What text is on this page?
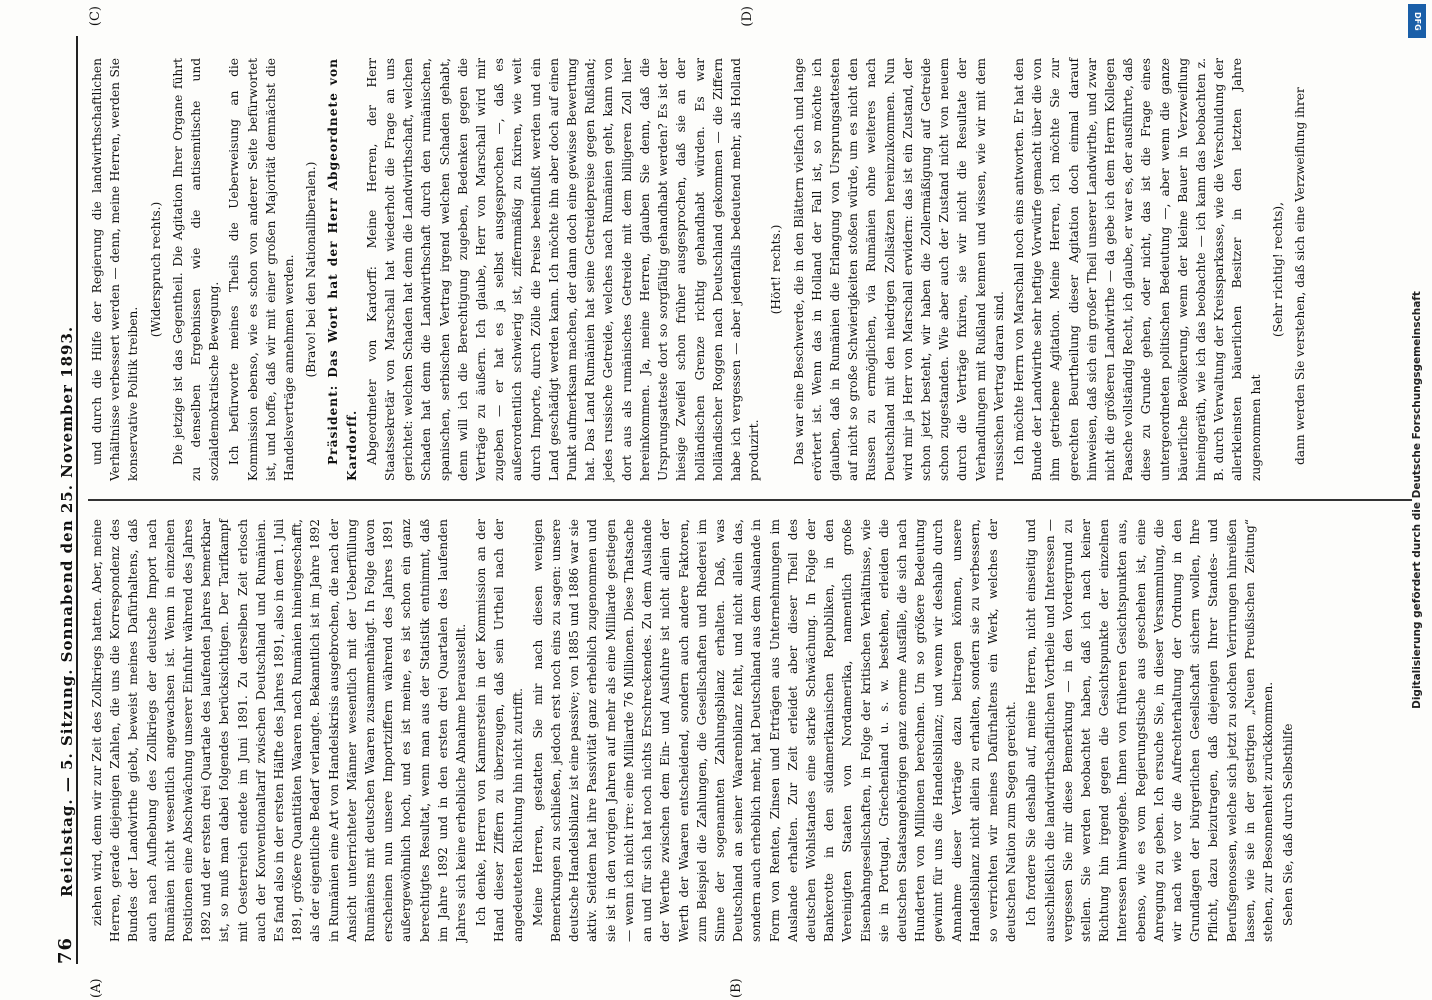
76
Reichstag. — 5. Sitzung. Sonnabend den 25. November 1893.
(A)	(B)

ziehen wird, denn wir zur Zeit des Zollkriegs hatten. Aber, meine Herren, gerade diejenigen Zahlen, die uns die Korrespondenz des Bundes der Landwirthe giebt, beweist meines Dafürhaltens, daß auch nach Aufhebung des Zollkriegs der deutsche Import nach Rumänien nicht wesentlich angewachsen ist. Wenn in einzelnen Positionen eine Abschwächung unserer Einfuhr während des Jahres 1892 und der ersten drei Quartale des laufenden Jahres bemerkbar ist, so muß man dabei folgendes berücksichtigen. Der Tarifkampf mit Oesterreich endete im Juni 1891. Zu derselben Zeit erlosch auch der Konventionaltarif zwischen Deutschland und Rumänien. Es fand also in der ersten Hälfte des Jahres 1891, also in dem 1. Juli 1891, größere Quantitäten Waaren nach Rumänien hineingeschafft, als der eigentliche Bedarf verlangte. Bekanntlich ist im Jahre 1892 in Rumänien eine Art von Handelskrisis ausgebrochen, die nach der Ansicht unterrichteter Männer wesentlich mit der Ueberfüllung Rumäniens mit deutschen Waaren zusammenhängt. In Folge davon erscheinen nun unsere Importziffern während des Jahres 1891 außergewöhnlich hoch, und es ist meine, es ist schon ein ganz berechtigtes Resultat, wenn man aus der Statistik entnimmt, daß im Jahre 1892 und in den ersten drei Quartalen des laufenden Jahres sich keine erhebliche Abnahme herausstellt. Ich denke, Herren von Kanmerstein in der Kommission an der Hand dieser Ziffern zu überzeugen, daß sein Urtheil nach der angedeuteten Richtung hin nicht zutrifft. Meine Herren, gestatten Sie mir nach diesen wenigen Bemerkungen zu schließen, jedoch erst noch eins zu sagen: unsere deutsche Handelsbilanz ist eine passive; von 1885 und 1886 war sie aktiv. Seitdem hat ihre Passivität ganz erheblich zugenommen und sie ist in den vorigen Jahren auf mehr als eine Milliarde gestiegen — wenn ich nicht irre: eine Milliarde 76 Millionen. Diese Thatsache an und für sich hat noch nichts Erschreckendes. Zu dem Auslande der Werthe zwischen dem Ein- und Ausfuhre ist nicht allein der Werth der Waaren entscheidend, sondern auch andere Faktoren, zum Beispiel die Zahlungen, die Gesellschaften und Rhederei im Sinne der sogenannten Zahlungsbilanz erhalten. Daß, was Deutschland an seiner Waarenbilanz fehlt, und nicht allein das, sondern auch erheblich mehr, hat Deutschland aus dem Auslande in Form von Renten, Zinsen und Erträgen aus Unternehmungen im Auslande erhalten. Zur Zeit erleidet aber dieser Theil des deutschen Wohlstandes eine starke Schwächung. In Folge der Bankerotte in den südamerikanischen Republiken, in den Vereinigten Staaten von Nordamerika, namentlich große Eisenbahngesellschaften, in Folge der kritischen Verhältnisse, wie sie in Portugal, Griechenland u. s. w. bestehen, erleiden die deutschen Staatsangehörigen ganz enorme Ausfälle, die sich nach Hunderten von Millionen berechnen. Um so größere Bedeutung gewinnt für uns die Handelsbilanz; und wenn wir deshalb durch Annahme dieser Verträge dazu beitragen können, unsere Handelsbilanz nicht allein zu erhalten, sondern sie zu verbessern, so verrichten wir meines Dafürhaltens ein Werk, welches der deutschen Nation zum Segen gereicht. Ich fordere Sie deshalb auf, meine Herren, nicht einseitig und ausschließlich die landwirthschaftlichen Vortheile und Interessen — vergessen Sie mir diese Bemerkung — in den Vordergrund zu stellen. Sie werden beobachtet haben, daß ich nach keiner Richtung hin irgend gegen die Gesichtspunkte der einzelnen Interessen hinweggehe. Ihnen von früheren Gesichtspunkten aus, ebenso, wie es vom Regierungstische aus geschehen ist, eine Anregung zu geben. Ich ersuche Sie, in dieser Versammlung, die wir nach wie vor die Aufrechterhaltung der Ordnung in den Grundlagen der bürgerlichen Gesellschaft sichern wollen, Ihre Pflicht, dazu beizutragen, daß diejenigen Ihrer Standes- und Berufsgenossen, welche sich jetzt zu solchen Verirrungen hinreißen lassen, wie sie in der gestrigen „Neuen Preußischen Zeitung“ stehen, zur Besonnenheit zurückkommen. Sehen Sie, daß durch Selbsthilfe

und durch die Hilfe der Regierung die landwirthschaftlichen Verhältnisse verbessert werden — denn, meine Herren, werden Sie konservative Politik treiben.

(Widerspruch rechts.) Die jetzige ist das Gegentheil. Die Agitation Ihrer Organe führt zu denselben Ergebnissen wie die antisemitische und sozialdemokratische Bewegung. Ich befürworte meines Theils die Ueberweisung an die Kommission ebenso, wie es schon von anderer Seite befürwortet ist, und hoffe, daß wir mit einer großen Majorität demnächst die Handelsverträge annehmen werden. (Bravo! bei den Nationalliberalen.) Präsident: Das Wort hat der Herr Abgeordnete von Kardorff. Abgeordneter von Kardorff: Meine Herren, der Herr Staatssekretär von Marschall hat wiederholt die Frage an uns gerichtet: welchen Schaden hat denn die Landwirthschaft, welchen Schaden hat denn die Landwirthschaft durch den rumänischen, spanischen, serbischen Vertrag irgend welchen Schaden gehabt, denn will ich die Berechtigung zugeben, Bedenken gegen die Verträge zu äußern. Ich glaube, Herr von Marschall wird mir zugeben — er hat es ja selbst ausgesprochen —, daß es außerordentlich schwierig ist, ziffernmäßig zu fixiren, wie weit durch Importe, durch Zölle die Preise beeinflußt werden und ein Land geschädigt werden kann. Ich möchte ihn aber doch auf einen Punkt aufmerksam machen, der dann doch eine gewisse Bewertung hat. Das Land Rumänien hat seine Getreidepreise gegen Rußland; jedes russische Getreide, welches nach Rumänien geht, kann von dort aus als rumänisches Getreide mit dem billigeren Zoll hier hereinkommen. Ja, meine Herren, glauben Sie denn, daß die Ursprungsatteste dort so sorgfältig gehandhabt werden? Es ist der hiesige Zweifel schon früher ausgesprochen, daß sie an der holländischen Grenze richtig gehandhabt würden. Es war holländischer Roggen nach Deutschland gekommen — die Ziffern habe ich vergessen — aber jedenfalls bedeutend mehr, als Holland produzirt.

(Hört! rechts.) Das war eine Beschwerde, die in den Blättern vielfach und lange erörtert ist. Wenn das in Holland der Fall ist, so möchte ich glauben, daß in Rumänien die Erlangung von Ursprungsattesten auf nicht so große Schwierigkeiten stoßen würde, um es nicht den Russen zu ermöglichen, via Rumänien ohne weiteres nach Deutschland mit den niedrigen Zollsätzen hereinzukommen. Nun wird mir ja Herr von Marschall erwidern: das ist ein Zustand, der schon jetzt besteht, wir haben die Zollermäßigung auf Getreide schon zugestanden. Wie aber auch der Zustand nicht von neuem durch die Verträge fixiren, sie wir nicht die Resultate der Verhandlungen mit Rußland kennen und wissen, wie wir mit dem russischen Vertrag daran sind. Ich möchte Herrn von Marschall noch eins antworten. Er hat den Bunde der Landwirthe sehr heftige Vorwürfe gemacht über die von ihm getriebene Agitation. Meine Herren, ich möchte Sie zur gerechten Beurtheilung dieser Agitation doch einmal darauf hinweisen, daß sich ein großer Theil unserer Landwirthe, und zwar nicht die größeren Landwirthe — da gebe ich dem Herrn Kollegen Paasche vollständig Recht, ich glaube, er war es, der ausführte, daß diese zu Grunde gehen, oder nicht, das ist die Frage eines untergeordneten politischen Bedeutung —, aber wenn die ganze bäuerliche Bevölkerung, wenn der kleine Bauer in Verzweiflung hineingeräth, wie ich das beobachte — ich kann das beobachten z. B. durch Verwaltung der Kreissparkasse, wie die Verschuldung der allerkleinsten bäuerlichen Besitzer in den letzten Jahre zugenommen hat

(Sehr richtig! rechts), dann werden Sie verstehen, daß sich eine Verzweiflung ihrer

(C)	(D)	DFG
Digitalisierung gefördert durch die Deutsche Forschungsgemeinschaft
